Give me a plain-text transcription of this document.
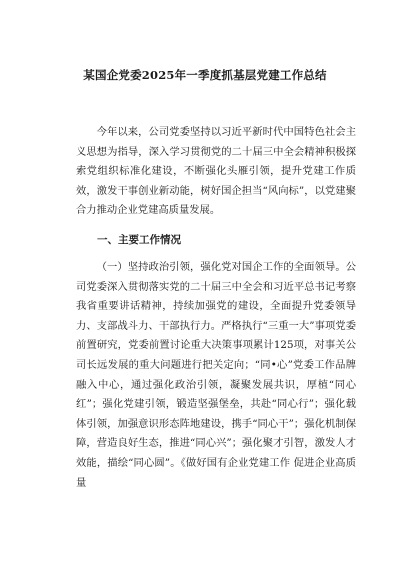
某国企党委2025年一季度抓基层党建工作总结

今年以来，公司党委坚持以习近平新时代中国特色社会主义思想为指导，深入学习贯彻党的二十届三中全会精神积极探索党组织标准化建设，不断强化头雁引领，提升党建工作质效，激发干事创业新动能，树好国企担当“风向标”，以党建聚合力推动企业党建高质量发展。

一、主要工作情况

（一）坚持政治引领，强化党对国企工作的全面领导。公司党委深入贯彻落实党的二十届三中全会和习近平总书记考察我省重要讲话精神，持续加强党的建设，全面提升党委领导力、支部战斗力、干部执行力。严格执行“三重一大”事项党委前置研究，党委前置讨论重大决策事项累计125项，对事关公司长远发展的重大问题进行把关定向；“同•心”党委工作品牌融入中心，通过强化政治引领，凝聚发展共识，厚植“同心红”；强化党建引领，锻造坚强堡垒，共赴“同心行”；强化载体引领，加强意识形态阵地建设，携手“同心干”；强化机制保障，营造良好生态，推进“同心兴”；强化聚才引智，激发人才效能，描绘“同心圆”。《做好国有企业党建工作 促进企业高质量
